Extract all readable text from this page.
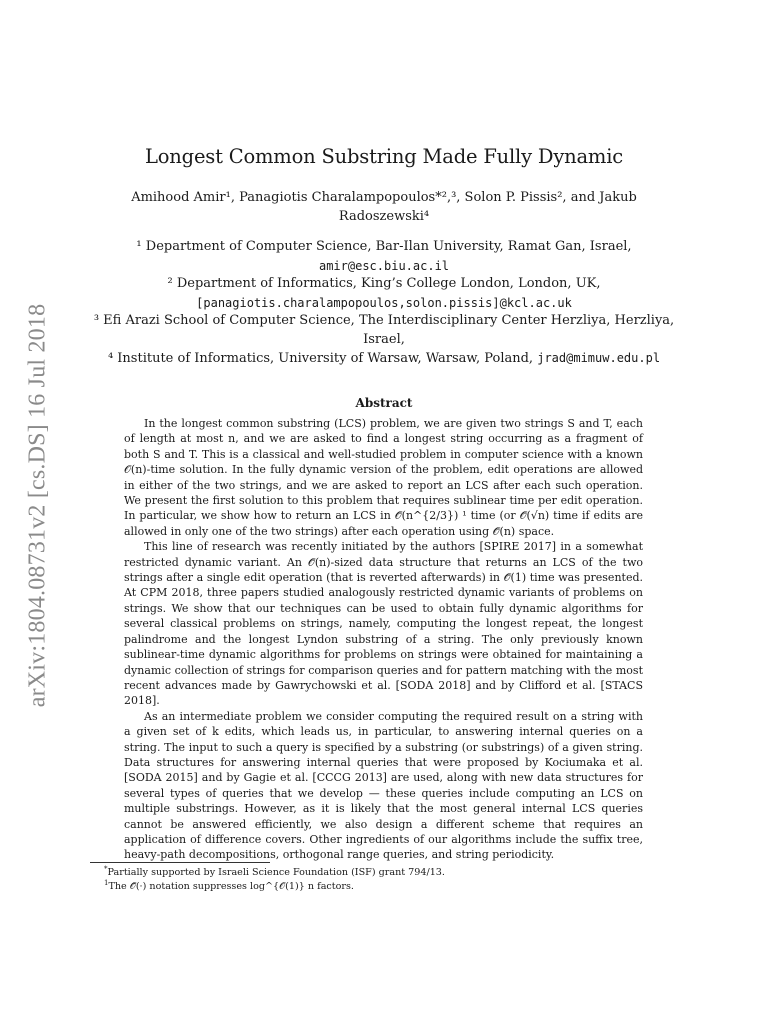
arXiv:1804.08731v2 [cs.DS] 16 Jul 2018
Longest Common Substring Made Fully Dynamic
Amihood Amir¹, Panagiotis Charalampopoulos*²,³, Solon P. Pissis², and Jakub
Radoszewski⁴

¹ Department of Computer Science, Bar-Ilan University, Ramat Gan, Israel,

amir@esc.biu.ac.il

² Department of Informatics, King’s College London, London, UK,

[panagiotis.charalampopoulos,solon.pissis]@kcl.ac.uk

³ Efi Arazi School of Computer Science, The Interdisciplinary Center Herzliya, Herzliya,

Israel,

⁴ Institute of Informatics, University of Warsaw, Warsaw, Poland, jrad@mimuw.edu.pl

Abstract

In the longest common substring (LCS) problem, we are given two strings S and T, each of length at most n, and we are asked to find a longest string occurring as a fragment of both S and T. This is a classical and well-studied problem in computer science with a known 𝒪(n)-time solution. In the fully dynamic version of the problem, edit operations are allowed in either of the two strings, and we are asked to report an LCS after each such operation. We present the first solution to this problem that requires sublinear time per edit operation. In particular, we show how to return an LCS in 𝒪̃(n^{2/3}) ¹ time (or 𝒪̃(√n) time if edits are allowed in only one of the two strings) after each operation using 𝒪̃(n) space.

This line of research was recently initiated by the authors [SPIRE 2017] in a somewhat restricted dynamic variant. An 𝒪̃(n)-sized data structure that returns an LCS of the two strings after a single edit operation (that is reverted afterwards) in 𝒪̃(1) time was presented. At CPM 2018, three papers studied analogously restricted dynamic variants of problems on strings. We show that our techniques can be used to obtain fully dynamic algorithms for several classical problems on strings, namely, computing the longest repeat, the longest palindrome and the longest Lyndon substring of a string. The only previously known sublinear-time dynamic algorithms for problems on strings were obtained for maintaining a dynamic collection of strings for comparison queries and for pattern matching with the most recent advances made by Gawrychowski et al. [SODA 2018] and by Clifford et al. [STACS 2018].

As an intermediate problem we consider computing the required result on a string with a given set of k edits, which leads us, in particular, to answering internal queries on a string. The input to such a query is specified by a substring (or substrings) of a given string. Data structures for answering internal queries that were proposed by Kociumaka et al. [SODA 2015] and by Gagie et al. [CCCG 2013] are used, along with new data structures for several types of queries that we develop — these queries include computing an LCS on multiple substrings. However, as it is likely that the most general internal LCS queries cannot be answered efficiently, we also design a different scheme that requires an application of difference covers. Other ingredients of our algorithms include the suffix tree, heavy-path decompositions, orthogonal range queries, and string periodicity.

*Partially supported by Israeli Science Foundation (ISF) grant 794/13.

$^1$The 𝒪̃(·) notation suppresses log^{𝒪(1)} n factors.
